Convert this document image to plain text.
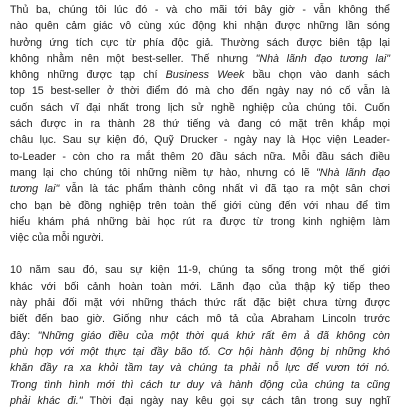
Thủ ba, chúng tôi lúc đó - và cho mãi tới bây giờ - vẫn không thể
nào quên cảm giác vô cùng xúc động khi nhận được những lần sóng
hưởng ứng tích cực từ phía độc giả. Thường sách được biên tập lại
không nhằm nên một best-seller. Thế nhưng "Nhà lãnh đạo tương lai"
không những được tạp chí Business Week bầu chọn vào danh sách
top 15 best-seller ở thời điểm đó mà cho đến ngày nay nó cố vẫn là
cuốn sách vĩ đại nhất trong lịch sử nghề nghiệp của chúng tôi. Cuốn
sách được in ra thành 28 thứ tiếng và đang có mặt trên khắp mọi
châu lục. Sau sự kiện đó, Quỹ Drucker - ngày nay là Học viện Leader-
to-Leader - còn cho ra mắt thêm 20 đầu sách nữa. Mỗi đầu sách điều
mang lại cho chúng tôi những niềm tự hào, nhưng có lẽ "Nhà lãnh đạo
tương lai" vẫn là tác phẩm thành công nhất vì đã tạo ra một sân chơi
cho bạn bè đồng nghiệp trên toàn thế giới cùng đến với nhau để tìm
hiểu khám phá những bài học rút ra được từ trong kinh nghiệm làm
việc của mỗi người.
10 năm sau đó, sau sự kiện 11-9, chúng ta sống trong một thế giới
khác với bối cảnh hoàn toàn mới. Lãnh đạo của thập kỷ tiếp theo
này phải đối mặt với những thách thức rất đặc biệt chưa từng được
biết đến bao giờ. Giống như cách mô tả của Abraham Lincoln trước
đây: "Những giáo điều của một thời quá khứ rất êm ả đã không còn
phù hợp với một thực tại đầy bão tố. Cơ hội hành động bị những khó
khăn đầy ra xa khỏi tầm tay và chúng ta phải nỗ lực để vươn tới nó.
Trong tình hình mới thì cách tư duy và hành động của chúng ta cũng
phải khác đi." Thời đại ngày nay kêu gọi sự cách tân trong suy nghĩ
